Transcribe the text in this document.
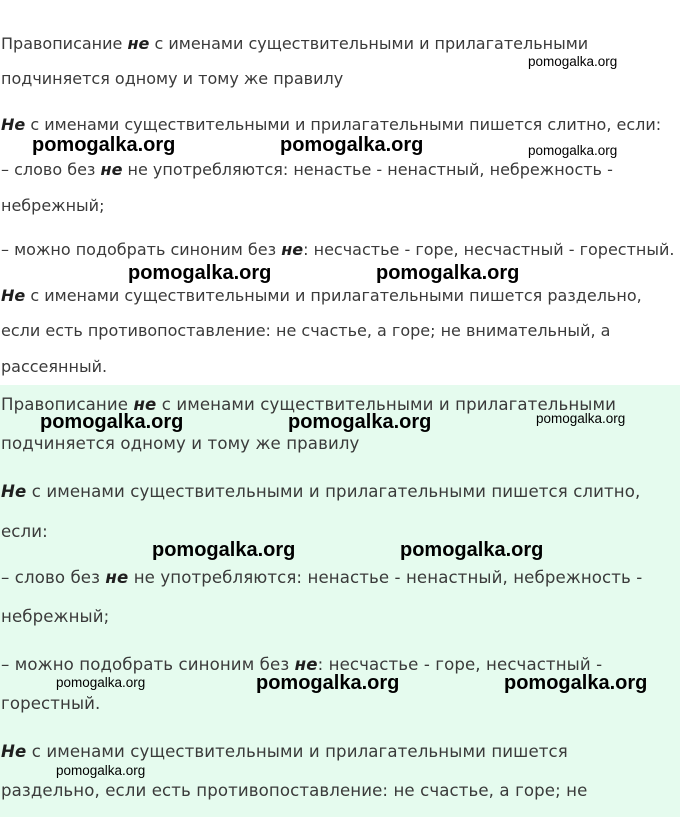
Правописание не с именами существительными и прилагательными
подчиняется одному и тому же правилу
Не с именами существительными и прилагательными пишется слитно, если:
– слово без не не употребляются: ненастье - ненастный, небрежность -
небрежный;
– можно подобрать синоним без не: несчастье - горе, несчастный - горестный.
Не с именами существительными и прилагательными пишется раздельно,
если есть противопоставление: не счастье, а горе; не внимательный, а
рассеянный.
pomogalka.org
pomogalka.org	pomogalka.org	pomogalka.org
pomogalka.org	pomogalka.org
Правописание не с именами существительными и прилагательными
подчиняется одному и тому же правилу
Не с именами существительными и прилагательными пишется слитно,
если:
– слово без не не употребляются: ненастье - ненастный, небрежность -
небрежный;
– можно подобрать синоним без не: несчастье - горе, несчастный -
горестный.
Не с именами существительными и прилагательными пишется
раздельно, если есть противопоставление: не счастье, а горе; не
pomogalka.org	pomogalka.org	pomogalka.org
pomogalka.org	pomogalka.org
pomogalka.org	pomogalka.org	pomogalka.org
pomogalka.org
